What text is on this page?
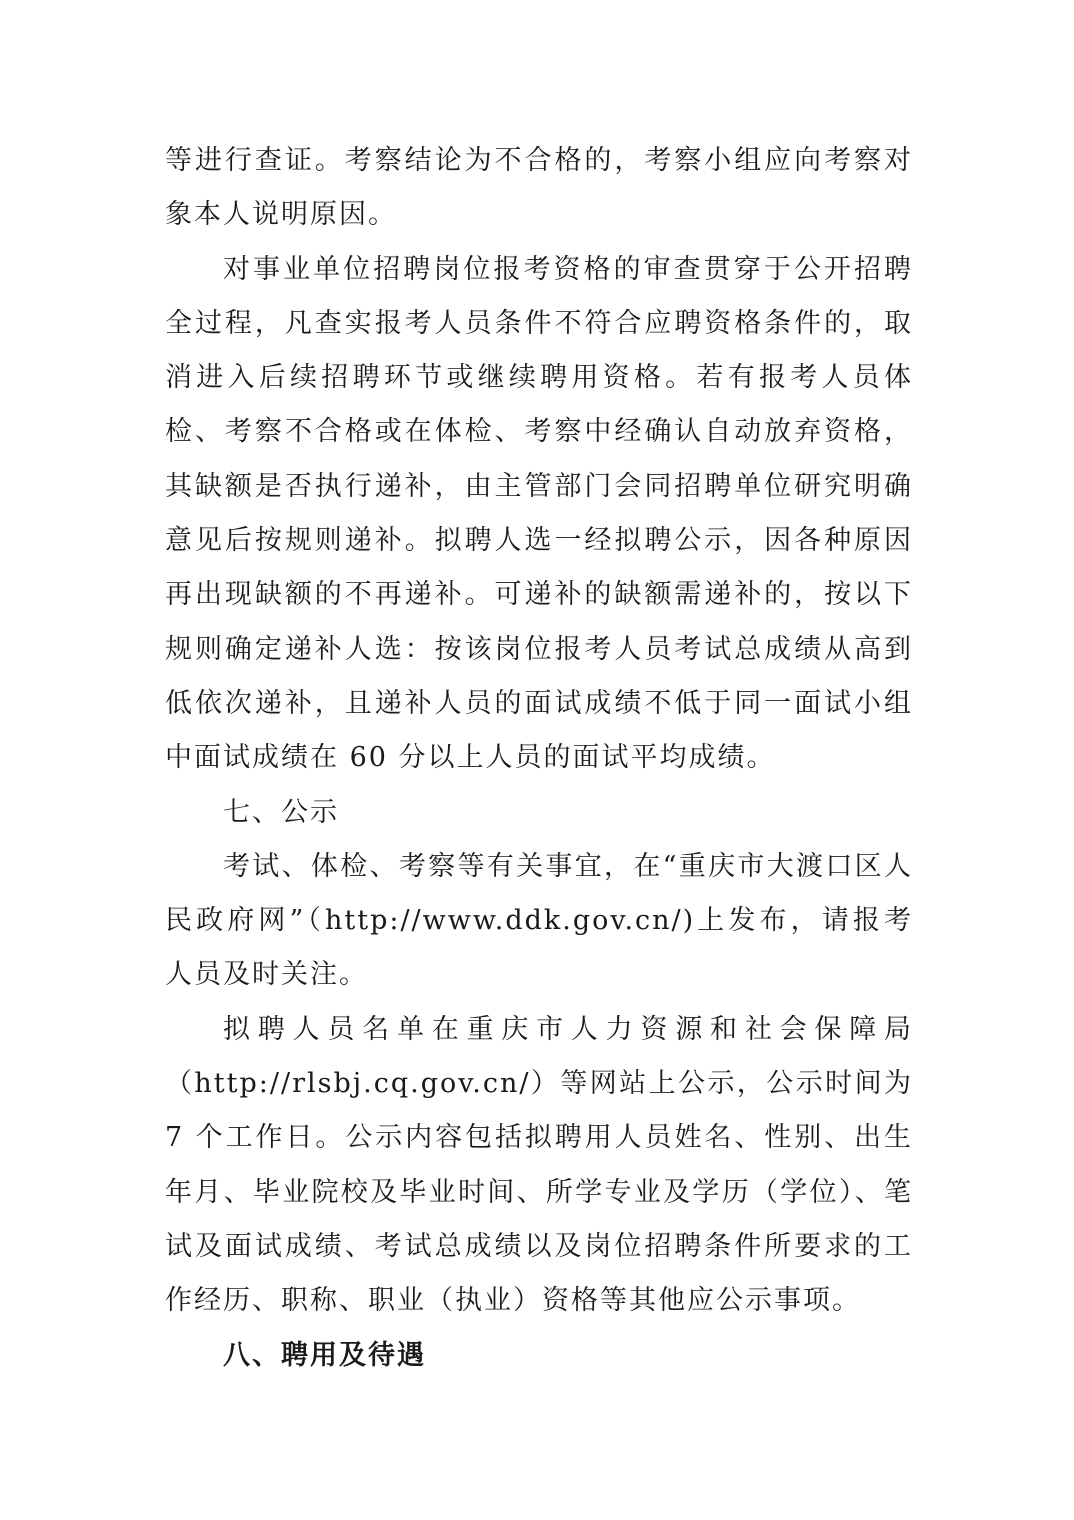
等进行查证。考察结论为不合格的，考察小组应向考察对象本人说明原因。

对事业单位招聘岗位报考资格的审查贯穿于公开招聘全过程，凡查实报考人员条件不符合应聘资格条件的，取消进入后续招聘环节或继续聘用资格。若有报考人员体检、考察不合格或在体检、考察中经确认自动放弃资格，其缺额是否执行递补，由主管部门会同招聘单位研究明确意见后按规则递补。拟聘人选一经拟聘公示，因各种原因再出现缺额的不再递补。可递补的缺额需递补的，按以下规则确定递补人选：按该岗位报考人员考试总成绩从高到低依次递补，且递补人员的面试成绩不低于同一面试小组中面试成绩在 60 分以上人员的面试平均成绩。

七、公示

考试、体检、考察等有关事宜，在“重庆市大渡口区人民政府网”（http://www.ddk.gov.cn/)上发布，请报考人员及时关注。

拟聘人员名单在重庆市人力资源和社会保障局（http://rlsbj.cq.gov.cn/）等网站上公示，公示时间为 7 个工作日。公示内容包括拟聘用人员姓名、性别、出生年月、毕业院校及毕业时间、所学专业及学历（学位）、笔试及面试成绩、考试总成绩以及岗位招聘条件所要求的工作经历、职称、职业（执业）资格等其他应公示事项。

八、聘用及待遇
